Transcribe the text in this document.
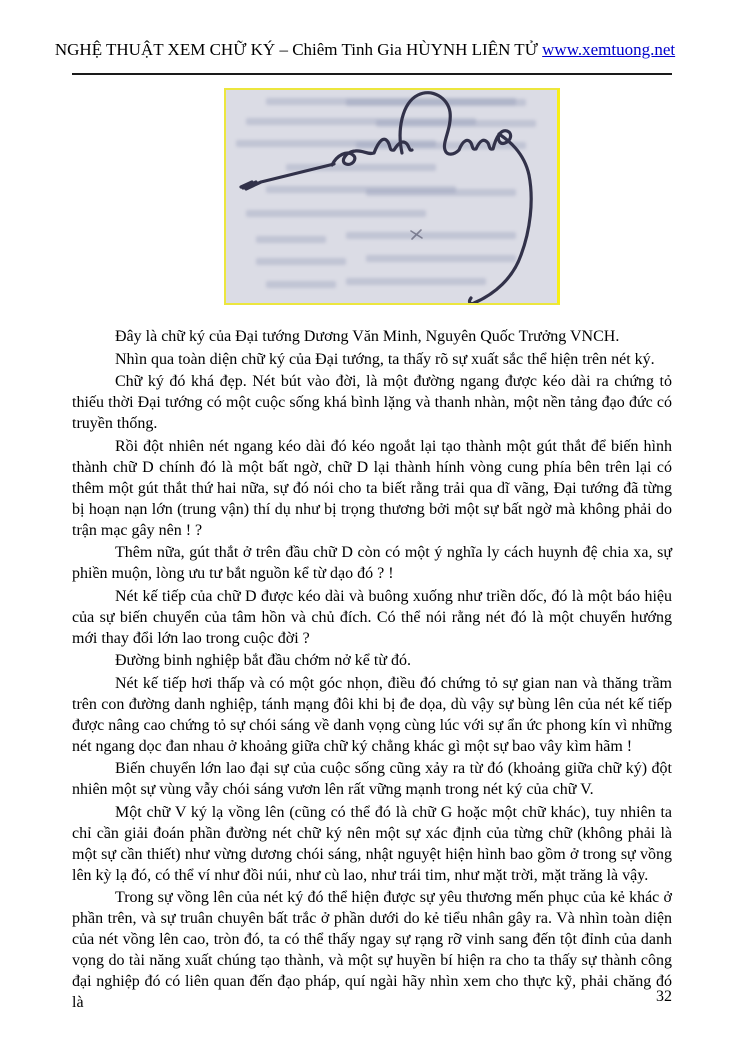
NGHỆ THUẬT XEM CHỮ KÝ – Chiêm Tinh Gia HÙYNH LIÊN TỬ www.xemtuong.net

Đây là chữ ký của Đại tướng Dương Văn Minh, Nguyên Quốc Trưởng VNCH.

Nhìn qua toàn diện chữ ký của Đại tướng, ta thấy rõ sự xuất sắc thể hiện trên nét ký.

Chữ ký đó khá đẹp. Nét bút vào đời, là một đường ngang được kéo dài ra chứng tỏ thiếu thời Đại tướng có một cuộc sống khá bình lặng và thanh nhàn, một nền tảng đạo đức có truyền thống.

Rồi đột nhiên nét ngang kéo dài đó kéo ngoắt lại tạo thành một gút thắt để biến hình thành chữ D chính đó là một bất ngờ, chữ D lại thành hính vòng cung phía bên trên lại có thêm một gút thắt thứ hai nữa, sự đó nói cho ta biết rằng trải qua dĩ vãng, Đại tướng đã từng bị hoạn nạn lớn (trung vận) thí dụ như bị trọng thương bởi một sự bất ngờ mà không phải do trận mạc gây nên ! ?

Thêm nữa, gút thắt ở trên đầu chữ D còn có một ý nghĩa ly cách huynh đệ chia xa, sự phiền muộn, lòng ưu tư bắt nguồn kể từ dạo đó ? !

Nét kế tiếp của chữ D được kéo dài và buông xuống như triền dốc, đó là một báo hiệu của sự biến chuyển của tâm hồn và chủ đích. Có thể nói rằng nét đó là một chuyển hướng mới thay đổi lớn lao trong cuộc đời ?

Đường binh nghiệp bắt đầu chớm nở kể từ đó.

Nét kế tiếp hơi thấp và có một góc nhọn, điều đó chứng tỏ sự gian nan và thăng trầm trên con đường danh nghiệp, tánh mạng đôi khi bị đe dọa, dù vậy sự bùng lên của nét kế tiếp được nâng cao chứng tỏ sự chói sáng về danh vọng cùng lúc với sự ẩn ức phong kín vì những nét ngang dọc đan nhau ở khoảng giữa chữ ký chẳng khác gì một sự bao vây kìm hãm !

Biến chuyển lớn lao đại sự của cuộc sống cũng xảy ra từ đó (khoảng giữa chữ ký) đột nhiên một sự vùng vẫy chói sáng vươn lên rất vững mạnh trong nét ký của chữ V.

Một chữ V ký lạ vồng lên (cũng có thể đó là chữ G hoặc một chữ khác), tuy nhiên ta chỉ cần giải đoán phần đường nét chữ ký nên một sự xác định của từng chữ (không phải là một sự cần thiết) như vừng dương chói sáng, nhật nguyệt hiện hình bao gồm ở trong sự vồng lên kỳ lạ đó, có thể ví như đồi núi, như cù lao, như trái tim, như mặt trời, mặt trăng là vậy.

Trong sự vồng lên của nét ký đó thể hiện được sự yêu thương mến phục của kẻ khác ở phần trên, và sự truân chuyên bất trắc ở phần dưới do kẻ tiểu nhân gây ra. Và nhìn toàn diện của nét vồng lên cao, tròn đó, ta có thể thấy ngay sự rạng rỡ vinh sang đến tột đỉnh của danh vọng do tài năng xuất chúng tạo thành, và một sự huyền bí hiện ra cho ta thấy sự thành công đại nghiệp đó có liên quan đến đạo pháp, quí ngài hãy nhìn xem cho thực kỹ, phải chăng đó là	32
